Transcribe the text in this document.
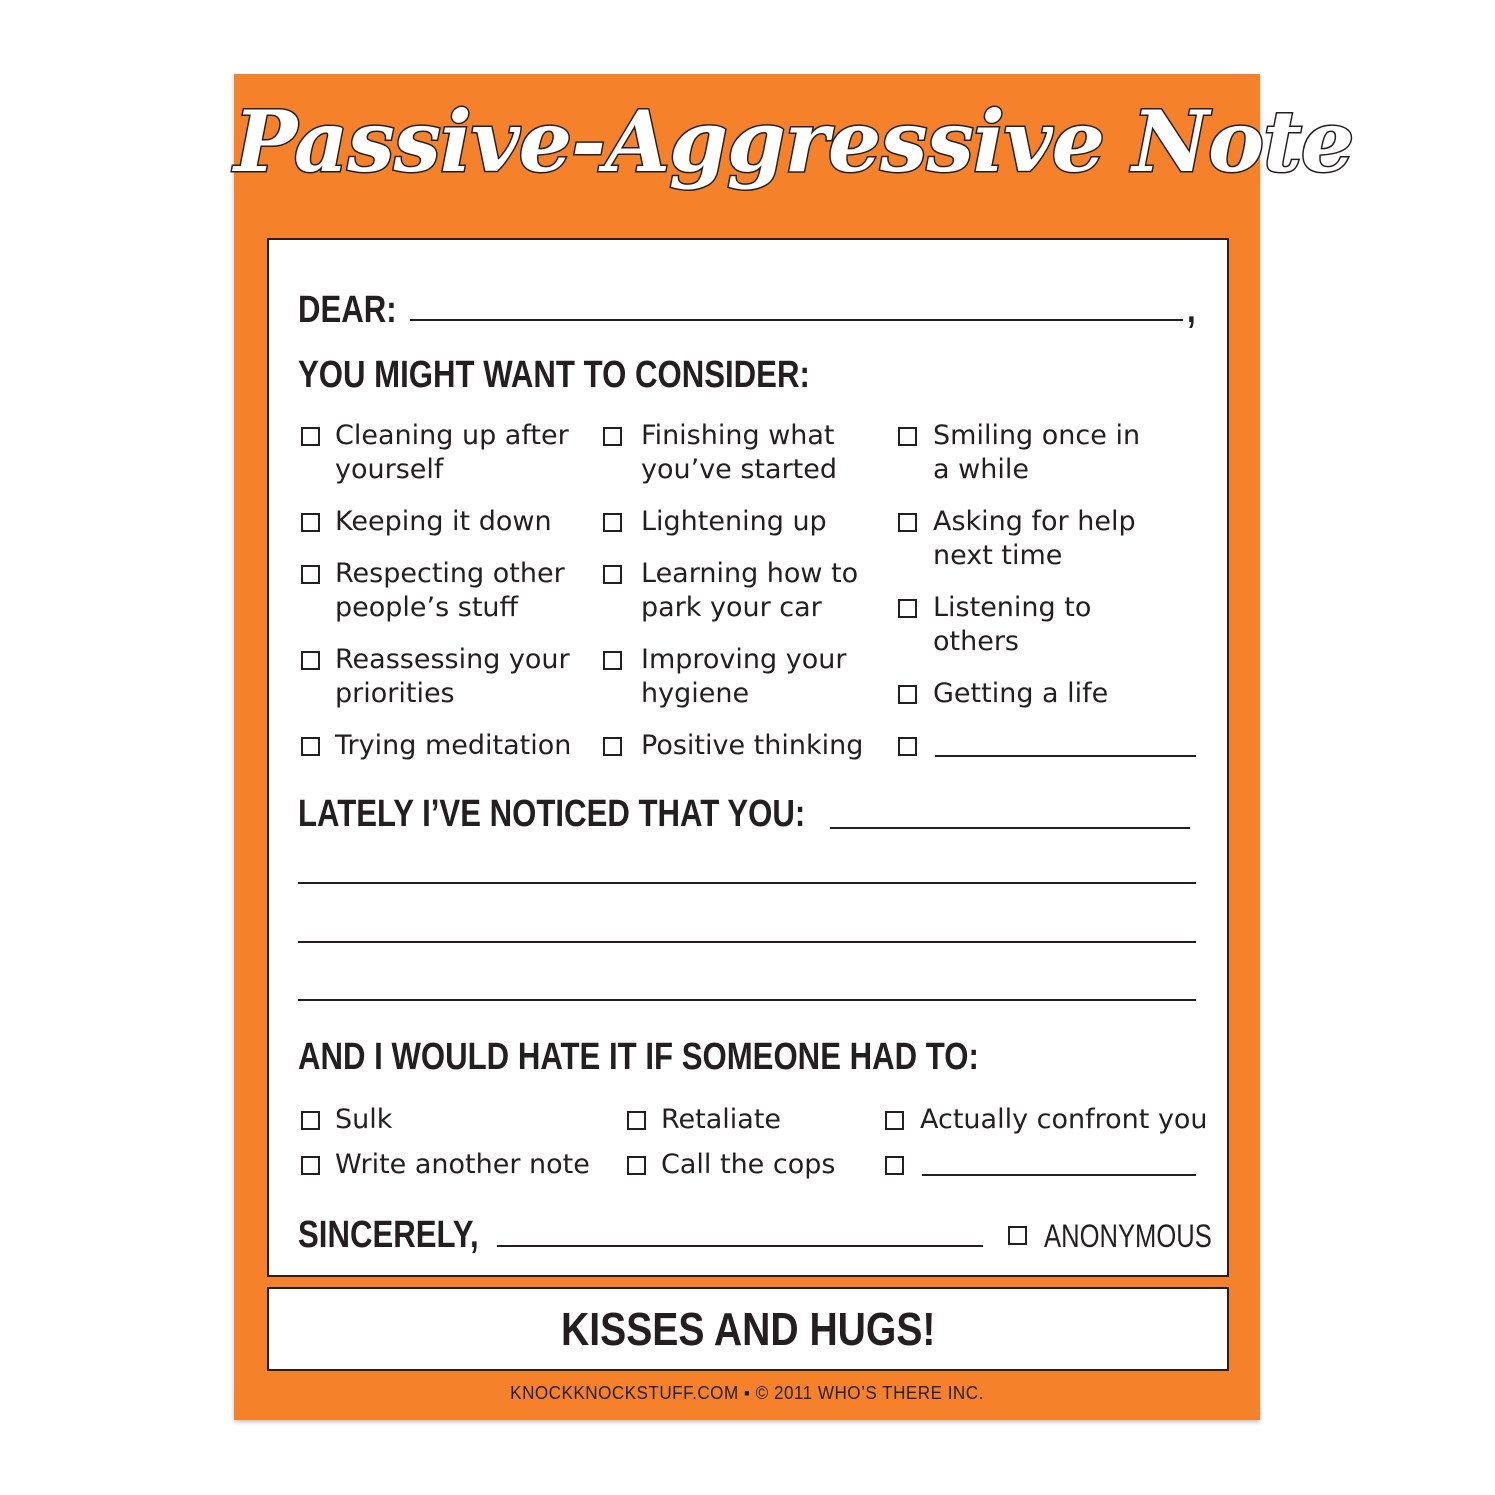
Passive-Aggressive Note
DEAR:	,
YOU MIGHT WANT TO CONSIDER:
Cleaning up after
yourself
Keeping it down
Respecting other
people’s stuff
Reassessing your
priorities
Trying meditation
Finishing what
you’ve started
Lightening up
Learning how to
park your car
Improving your
hygiene
Positive thinking
Smiling once in
a while
Asking for help
next time
Listening to
others
Getting a life
LATELY I’VE NOTICED THAT YOU:
AND I WOULD HATE IT IF SOMEONE HAD TO:
Sulk	Retaliate	Actually confront you
Write another note	Call the cops
SINCERELY,	ANONYMOUS
KISSES AND HUGS!
KNOCKKNOCKSTUFF.COM ▪ © 2011 WHO’S THERE INC.
